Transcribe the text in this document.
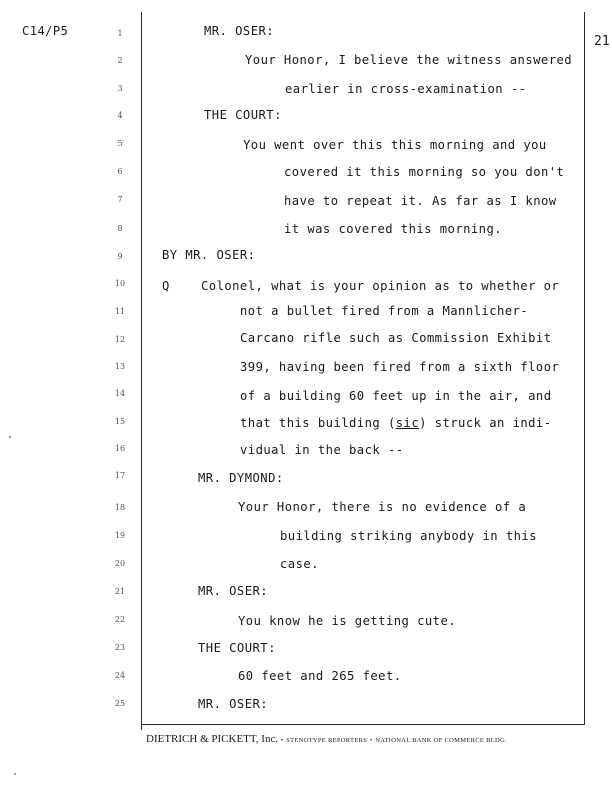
C14/P5
21
1
2
3
4
5
6
7
8
9
10
11
12
13
14
15
16
17
18
19
20
21
22
23
24
25
MR. OSER:
Your Honor, I believe the witness answered
earlier in cross-examination --
THE COURT:
You went over this this morning and you
covered it this morning so you don't
have to repeat it. As far as I know
it was covered this morning.
BY MR. OSER:
Q	Colonel, what is your opinion as to whether or
not a bullet fired from a Mannlicher-
Carcano rifle such as Commission Exhibit
399, having been fired from a sixth floor
of a building 60 feet up in the air, and
that this building (sic) struck an indi-
vidual in the back --
MR. DYMOND:
Your Honor, there is no evidence of a
building striking anybody in this
case.
MR. OSER:
You know he is getting cute.
THE COURT:
60 feet and 265 feet.
MR. OSER:
DIETRICH & PICKETT, Inc. • STENOTYPE REPORTERS • NATIONAL BANK OF COMMERCE BLDG.
